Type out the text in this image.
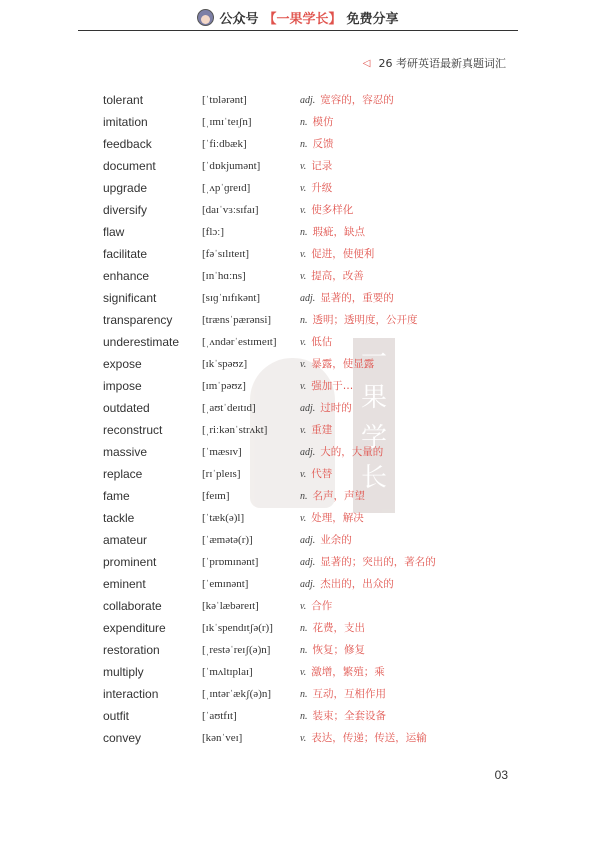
公众号 【一果学长】 免费分享
◁ 26 考研英语最新真题词汇
一果学长
tolerant	[ˈtɒlərənt]	adj. 宽容的，容忍的
imitation	[ˌɪmɪˈteɪʃn]	n. 模仿
feedback	[ˈfiːdbæk]	n. 反馈
document	[ˈdɒkjumənt]	v. 记录
upgrade	[ˌʌpˈɡreɪd]	v. 升级
diversify	[daɪˈvɜːsɪfaɪ]	v. 使多样化
flaw	[flɔː]	n. 瑕疵，缺点
facilitate	[fəˈsɪlɪteɪt]	v. 促进，使便利
enhance	[ɪnˈhɑːns]	v. 提高，改善
significant	[sɪɡˈnɪfɪkənt]	adj. 显著的，重要的
transparency	[trænsˈpærənsi]	n. 透明；透明度，公开度
underestimate [ˌʌndərˈestɪmeɪt] v. 低估
expose	[ɪkˈspəʊz]	v. 暴露，使显露
impose	[ɪmˈpəʊz]	v. 强加于…
outdated	[ˌaʊtˈdeɪtɪd]	adj. 过时的
reconstruct	[ˌriːkənˈstrʌkt]	v. 重建
massive	[ˈmæsɪv]	adj. 大的，大量的
replace	[rɪˈpleɪs]	v. 代替
fame	[feɪm]	n. 名声，声望
tackle	[ˈtæk(ə)l]	v. 处理，解决
amateur	[ˈæmətə(r)]	adj. 业余的
prominent	[ˈprɒmɪnənt]	adj. 显著的；突出的，著名的
eminent	[ˈemɪnənt]	adj. 杰出的，出众的
collaborate	[kəˈlæbəreɪt]	v. 合作
expenditure	[ɪkˈspendɪtʃə(r)]	n. 花费，支出
restoration	[ˌrestəˈreɪʃ(ə)n]	n. 恢复；修复
multiply	[ˈmʌltɪplaɪ]	v. 激增，繁殖；乘
interaction	[ˌɪntərˈækʃ(ə)n]	n. 互动，互相作用
outfit	[ˈaʊtfɪt]	n. 装束；全套设备
convey	[kənˈveɪ]	v. 表达，传递；传送，运输
03
